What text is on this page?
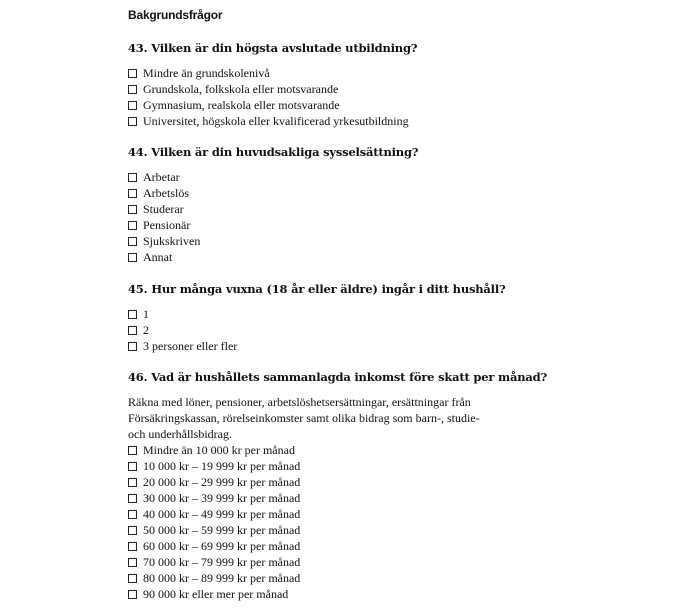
Bakgrundsfrågor
43. Vilken är din högsta avslutade utbildning?
Mindre än grundskolenivå
Grundskola, folkskola eller motsvarande
Gymnasium, realskola eller motsvarande
Universitet, högskola eller kvalificerad yrkesutbildning
44. Vilken är din huvudsakliga sysselsättning?
Arbetar
Arbetslös
Studerar
Pensionär
Sjukskriven
Annat
45. Hur många vuxna (18 år eller äldre) ingår i ditt hushåll?
1
2
3 personer eller fler
46. Vad är hushållets sammanlagda inkomst före skatt per månad?
Räkna med löner, pensioner, arbetslöshetsersättningar, ersättningar från Försäkringskassan, rörelseinkomster samt olika bidrag som barn-, studie- och underhållsbidrag.
Mindre än 10 000 kr per månad
10 000 kr – 19 999 kr per månad
20 000 kr – 29 999 kr per månad
30 000 kr – 39 999 kr per månad
40 000 kr – 49 999 kr per månad
50 000 kr – 59 999 kr per månad
60 000 kr – 69 999 kr per månad
70 000 kr – 79 999 kr per månad
80 000 kr – 89 999 kr per månad
90 000 kr eller mer per månad
